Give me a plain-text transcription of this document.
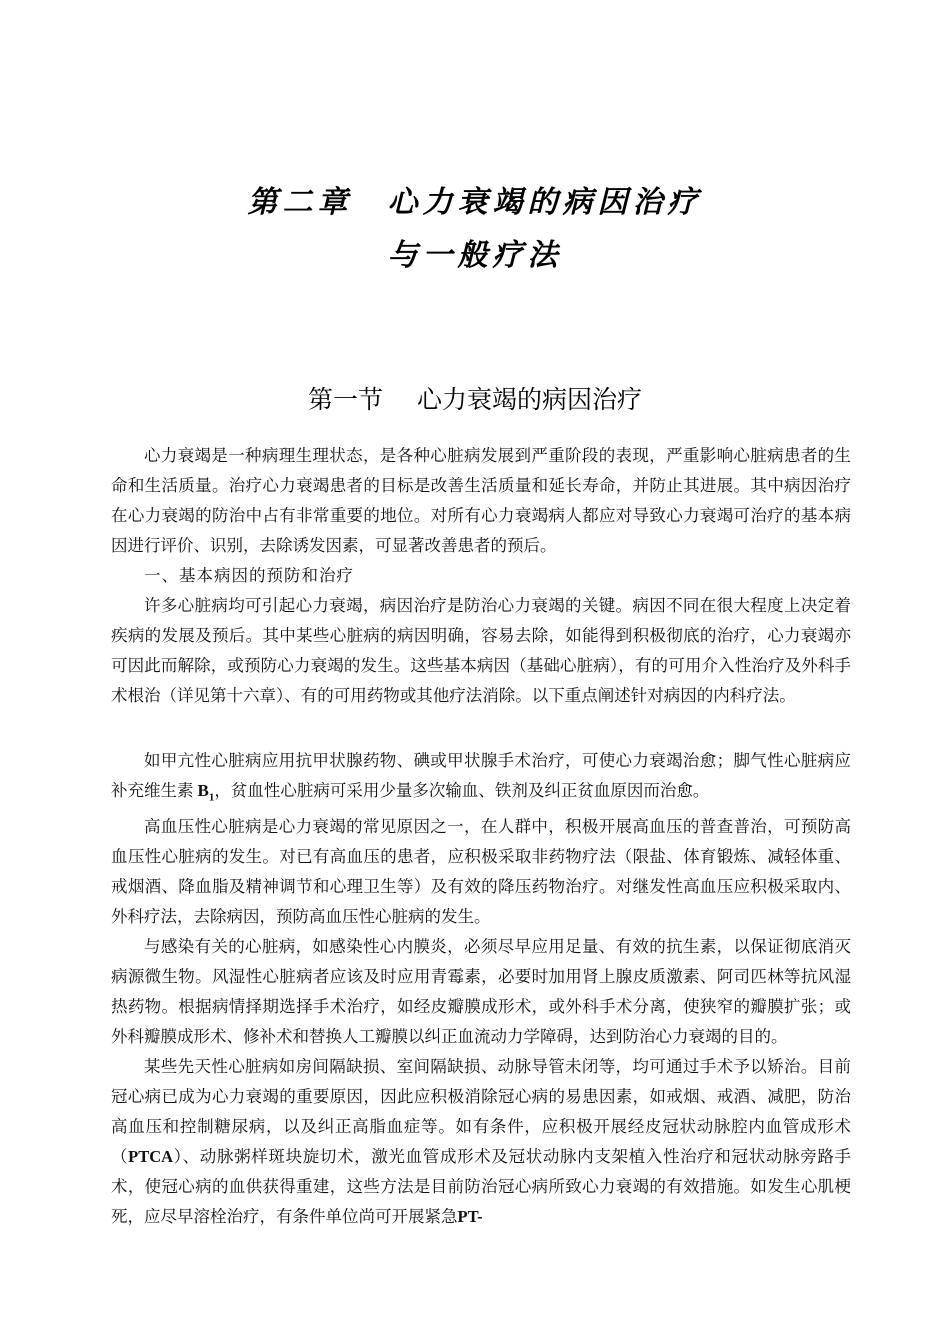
第二章　心力衰竭的病因治疗
与一般疗法
第一节 心力衰竭的病因治疗

心力衰竭是一种病理生理状态，是各种心脏病发展到严重阶段的表现，严重影响心脏病患者的生命和生活质量。治疗心力衰竭患者的目标是改善生活质量和延长寿命，并防止其进展。其中病因治疗在心力衰竭的防治中占有非常重要的地位。对所有心力衰竭病人都应对导致心力衰竭可治疗的基本病因进行评价、识别，去除诱发因素，可显著改善患者的预后。

一、基本病因的预防和治疗

许多心脏病均可引起心力衰竭，病因治疗是防治心力衰竭的关键。病因不同在很大程度上决定着疾病的发展及预后。其中某些心脏病的病因明确，容易去除，如能得到积极彻底的治疗，心力衰竭亦可因此而解除，或预防心力衰竭的发生。这些基本病因（基础心脏病），有的可用介入性治疗及外科手术根治（详见第十六章）、有的可用药物或其他疗法消除。以下重点阐述针对病因的内科疗法。

如甲亢性心脏病应用抗甲状腺药物、碘或甲状腺手术治疗，可使心力衰竭治愈；脚气性心脏病应补充维生素 $B_1$，贫血性心脏病可采用少量多次输血、铁剂及纠正贫血原因而治愈。

高血压性心脏病是心力衰竭的常见原因之一，在人群中，积极开展高血压的普查普治，可预防高血压性心脏病的发生。对已有高血压的患者，应积极采取非药物疗法（限盐、体育锻炼、减轻体重、戒烟酒、降血脂及精神调节和心理卫生等）及有效的降压药物治疗。对继发性高血压应积极采取内、外科疗法，去除病因，预防高血压性心脏病的发生。

与感染有关的心脏病，如感染性心内膜炎，必须尽早应用足量、有效的抗生素，以保证彻底消灭病源微生物。风湿性心脏病者应该及时应用青霉素，必要时加用肾上腺皮质激素、阿司匹林等抗风湿热药物。根据病情择期选择手术治疗，如经皮瓣膜成形术，或外科手术分离，使狭窄的瓣膜扩张；或外科瓣膜成形术、修补术和替换人工瓣膜以纠正血流动力学障碍，达到防治心力衰竭的目的。

某些先天性心脏病如房间隔缺损、室间隔缺损、动脉导管未闭等，均可通过手术予以矫治。目前冠心病已成为心力衰竭的重要原因，因此应积极消除冠心病的易患因素，如戒烟、戒酒、减肥，防治高血压和控制糖尿病，以及纠正高脂血症等。如有条件，应积极开展经皮冠状动脉腔内血管成形术（PTCA）、动脉粥样斑块旋切术，激光血管成形术及冠状动脉内支架植入性治疗和冠状动脉旁路手术，使冠心病的血供获得重建，这些方法是目前防治冠心病所致心力衰竭的有效措施。如发生心肌梗死，应尽早溶栓治疗，有条件单位尚可开展紧急PT-
